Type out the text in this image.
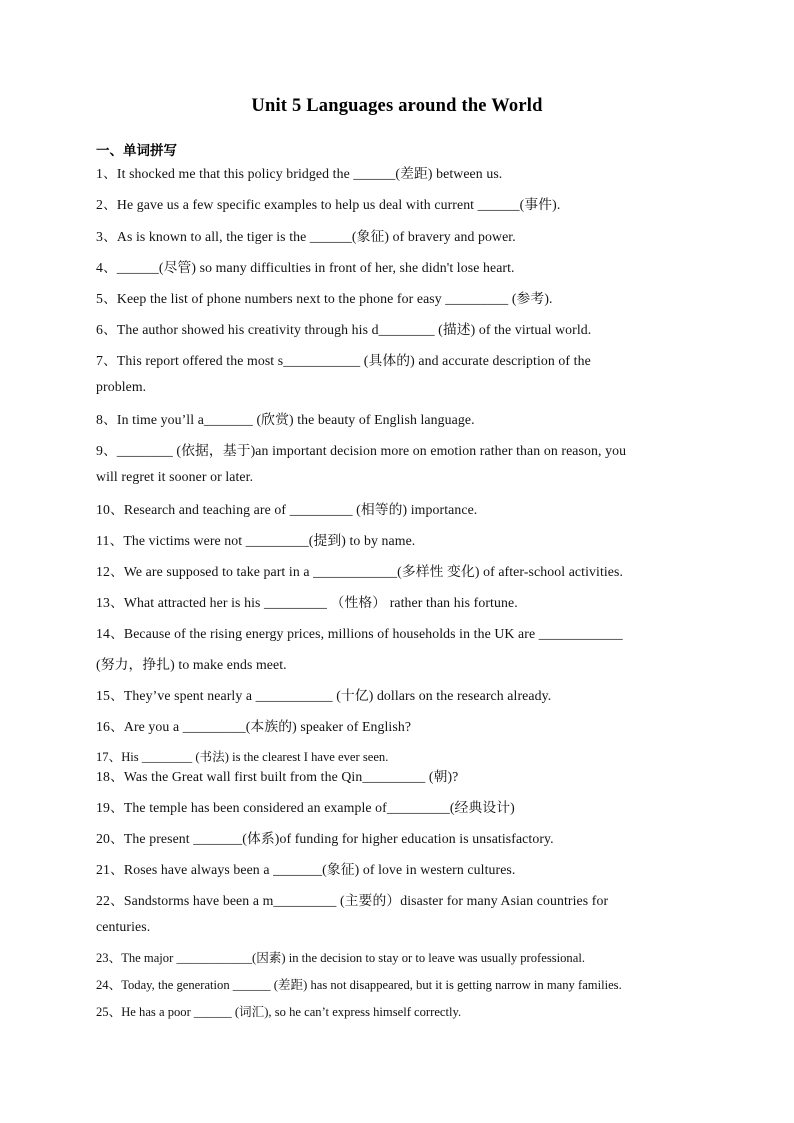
Unit 5 Languages around the World
一、单词拼写
1、It shocked me that this policy bridged the ______(差距) between us.
2、He gave us a few specific examples to help us deal with current ______(事件).
3、As is known to all, the tiger is the ______(象征) of bravery and power.
4、______(尽管) so many difficulties in front of her, she didn't lose heart.
5、Keep the list of phone numbers next to the phone for easy _________ (参考).
6、The author showed his creativity through his d________ (描述) of the virtual world.
7、This report offered the most s___________ (具体的) and accurate description of the
problem.
8、In time you’ll a_______ (欣赏) the beauty of English language.
9、________ (依据，基于)an important decision more on emotion rather than on reason, you
will regret it sooner or later.
10、Research and teaching are of _________ (相等的) importance.
11、The victims were not _________(提到) to by name.
12、We are supposed to take part in a ____________(多样性 变化) of after-school activities.
13、What attracted her is his _________ （性格） rather than his fortune.
14、Because of the rising energy prices, millions of households in the UK are ____________
(努力，挣扎) to make ends meet.
15、They’ve spent nearly a ___________ (十亿) dollars on the research already.
16、Are you a _________(本族的) speaker of English?
17、His ________ (书法) is the clearest I have ever seen.
18、Was the Great wall first built from the Qin_________ (朝)?
19、The temple has been considered an example of_________(经典设计)
20、The present _______(体系)of funding for higher education is unsatisfactory.
21、Roses have always been a _______(象征) of love in western cultures.
22、Sandstorms have been a m_________ (主要的）disaster for many Asian countries for
centuries.
23、The major ____________(因素) in the decision to stay or to leave was usually professional.
24、Today, the generation ______ (差距) has not disappeared, but it is getting narrow in many families.
25、He has a poor ______ (词汇), so he can’t express himself correctly.
